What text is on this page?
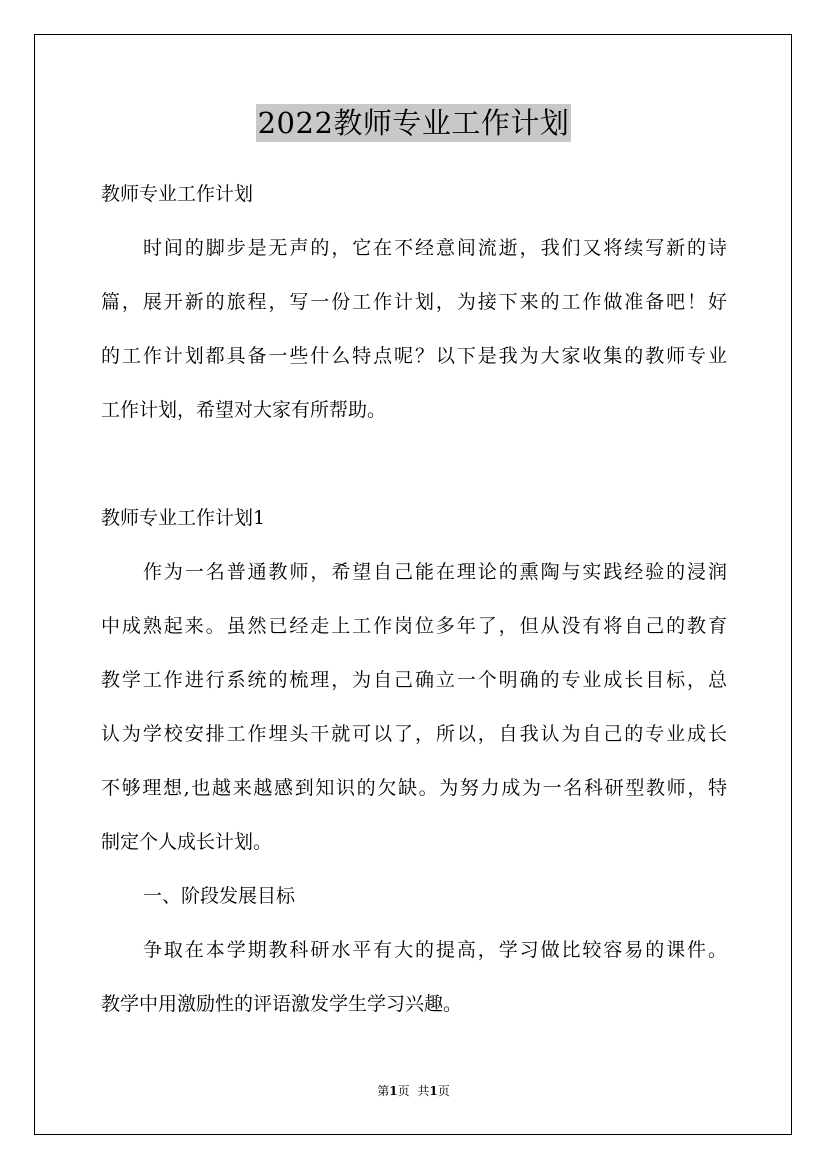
2022教师专业工作计划
教师专业工作计划
时间的脚步是无声的，它在不经意间流逝，我们又将续写新的诗
篇，展开新的旅程，写一份工作计划，为接下来的工作做准备吧！好
的工作计划都具备一些什么特点呢？以下是我为大家收集的教师专业
工作计划，希望对大家有所帮助。
教师专业工作计划1
作为一名普通教师，希望自己能在理论的熏陶与实践经验的浸润
中成熟起来。虽然已经走上工作岗位多年了，但从没有将自己的教育
教学工作进行系统的梳理，为自己确立一个明确的专业成长目标，总
认为学校安排工作埋头干就可以了，所以，自我认为自己的专业成长
不够理想,也越来越感到知识的欠缺。为努力成为一名科研型教师，特
制定个人成长计划。
一、阶段发展目标
争取在本学期教科研水平有大的提高，学习做比较容易的课件。
教学中用激励性的评语激发学生学习兴趣。
第1页 共1页
